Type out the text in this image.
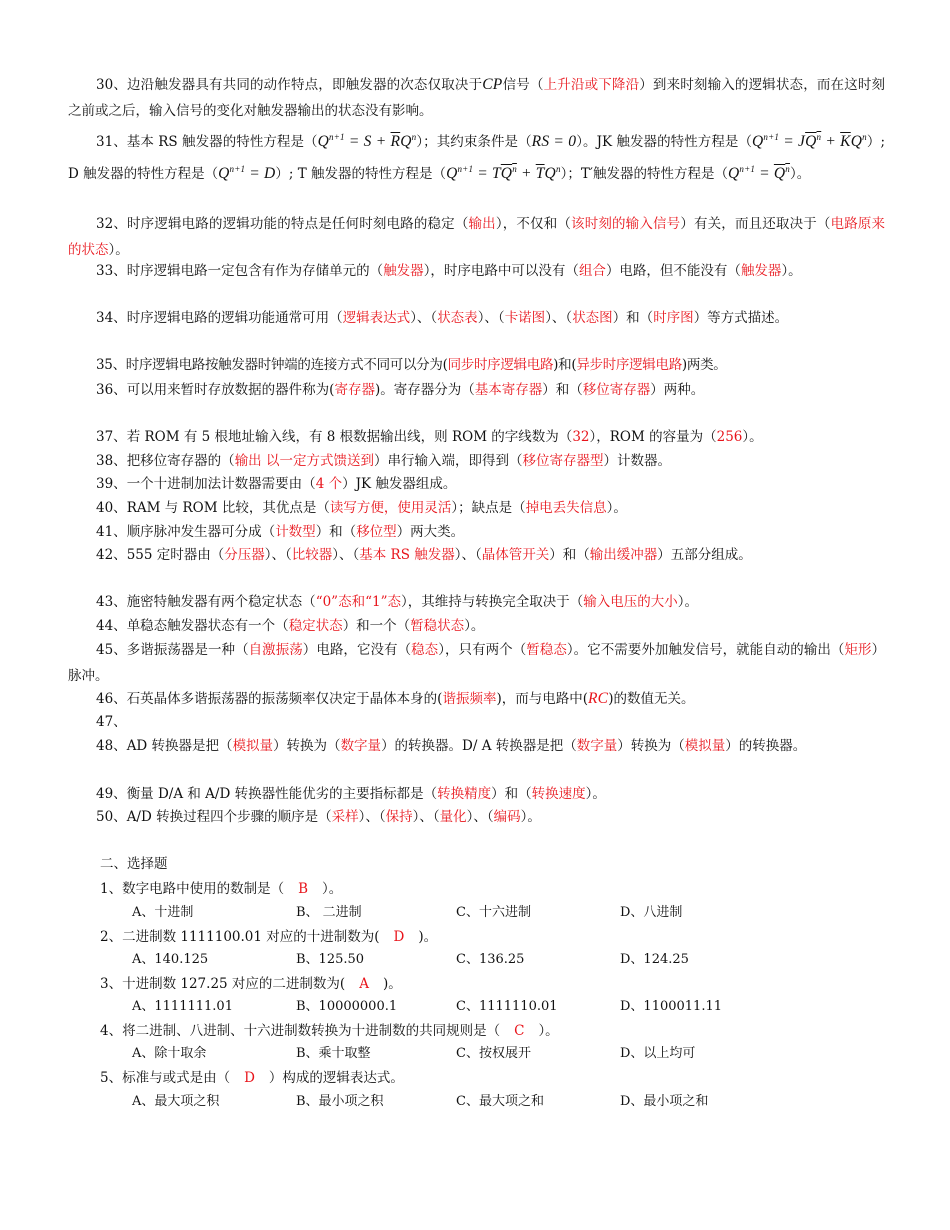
30、边沿触发器具有共同的动作特点，即触发器的次态仅取决于CP信号（上升沿或下降沿）到来时刻输入的逻辑状态，而在这时刻之前或之后，输入信号的变化对触发器输出的状态没有影响。
31、基本 RS 触发器的特性方程是$(Q^{n+1} = S + \overline{R}Q^n)$；其约束条件是（RS = 0）。JK 触发器的特性方程是$(Q^{n+1} = JQ^n + \overline{K}Q^n)$; D 触发器的特性方程是$(Q^{n+1} = D)$; T 触发器的特性方程是$(Q^{n+1} = TQ^n + \overline{T}Q^n)$；T′触发器的特性方程是$(Q^{n+1} = Q^n)$。
32、时序逻辑电路的逻辑功能的特点是任何时刻电路的稳定（输出），不仅和（该时刻的输入信号）有关，而且还取决于（电路原来的状态）。
33、时序逻辑电路一定包含有作为存储单元的（触发器），时序电路中可以没有（组合）电路，但不能没有（触发器）。
34、时序逻辑电路的逻辑功能通常可用（逻辑表达式）、（状态表）、（卡诺图）、（状态图）和（时序图）等方式描述。
35、时序逻辑电路按触发器时钟端的连接方式不同可以分为(同步时序逻辑电路)和(异步时序逻辑电路)两类。
36、可以用来暂时存放数据的器件称为(寄存器)。寄存器分为（基本寄存器）和（移位寄存器）两种。
37、若 ROM 有 5 根地址输入线，有 8 根数据输出线，则 ROM 的字线数为（32），ROM 的容量为（256）。
38、把移位寄存器的（输出 以一定方式馈送到）串行输入端，即得到（移位寄存器型）计数器。
39、一个十进制加法计数器需要由（4 个）JK 触发器组成。
40、RAM 与 ROM 比较，其优点是（读写方便，使用灵活）；缺点是（掉电丢失信息）。
41、顺序脉冲发生器可分成（计数型）和（移位型）两大类。
42、555 定时器由（分压器）、（比较器）、（基本 RS 触发器）、（晶体管开关）和（输出缓冲器）五部分组成。
43、施密特触发器有两个稳定状态（“0”态和“1”态），其维持与转换完全取决于（输入电压的大小）。
44、单稳态触发器状态有一个（稳定状态）和一个（暂稳状态）。
45、多谐振荡器是一种（自激振荡）电路，它没有（稳态），只有两个（暂稳态）。它不需要外加触发信号，就能自动的输出（矩形）脉冲。
46、石英晶体多谐振荡器的振荡频率仅决定于晶体本身的(谐振频率)，而与电路中(RC)的数值无关。
47、
48、AD 转换器是把（模拟量）转换为（数字量）的转换器。D/ A 转换器是把（数字量）转换为（模拟量）的转换器。
49、衡量 D/A 和 A/D 转换器性能优劣的主要指标都是（转换精度）和（转换速度）。
50、A/D 转换过程四个步骤的顺序是（采样）、（保持）、（量化）、（编码）。
二、选择题
1、数字电路中使用的数制是（ B ）。
A、十进制	B、 二进制	C、十六进制	D、八进制
2、二进制数 1111100.01 对应的十进制数为( D )。
A、140.125	B、125.50	C、136.25	D、124.25
3、十进制数 127.25 对应的二进制数为( A )。
A、1111111.01	B、10000000.1	C、1111110.01	D、1100011.11
4、将二进制、八进制、十六进制数转换为十进制数的共同规则是（ C ）。
A、除十取余	B、乘十取整	C、按权展开	D、以上均可
5、标准与或式是由（ D ）构成的逻辑表达式。
A、最大项之积	B、最小项之积	C、最大项之和	D、最小项之和
